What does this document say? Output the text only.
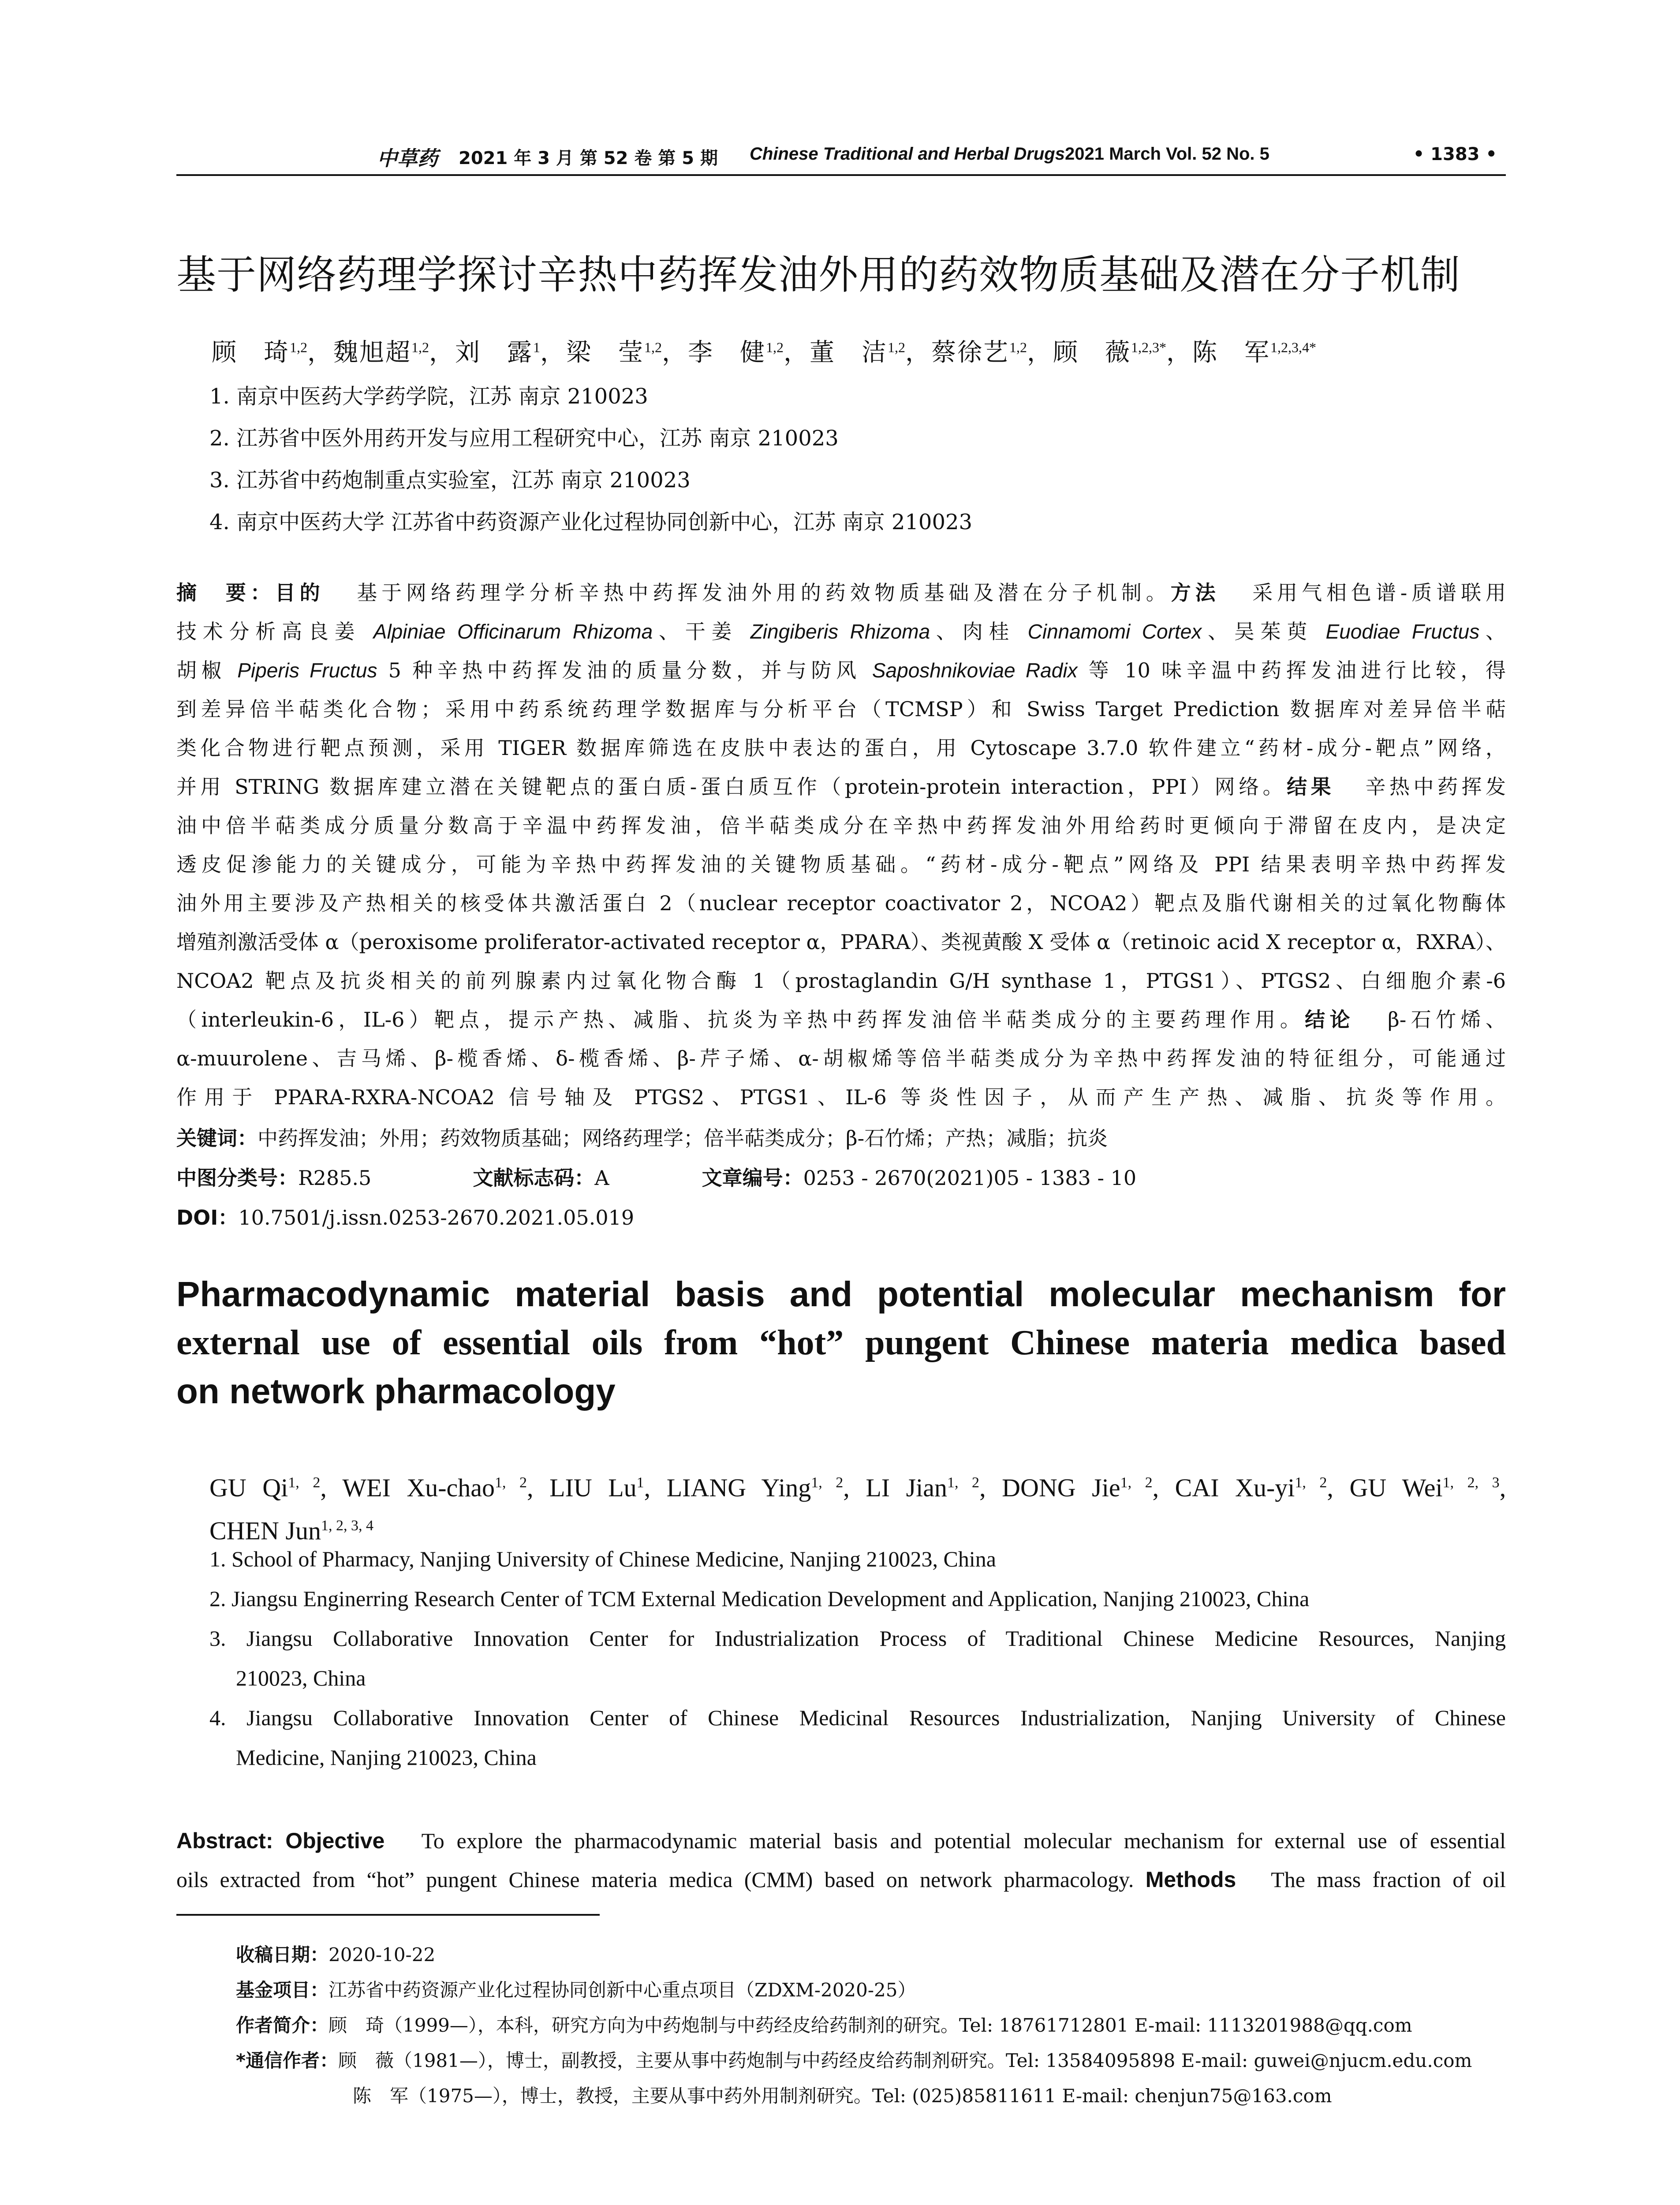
中草药 2021 年 3 月 第 52 卷 第 5 期 Chinese Traditional and Herbal Drugs2021 March Vol. 52 No. 5	• 1383 •
基于网络药理学探讨辛热中药挥发油外用的药效物质基础及潜在分子机制
顾　琦$^{1,2}$，魏旭超$^{1,2}$，刘　露$^1$，梁　莹$^{1,2}$，李　健$^{1,2}$，董　洁$^{1,2}$，蔡徐艺$^{1,2}$，顾　薇$^{1,2,3*}$，陈　军$^{1,2,3,4*}$
1. 南京中医药大学药学院，江苏 南京 210023
2. 江苏省中医外用药开发与应用工程研究中心，江苏 南京 210023
3. 江苏省中药炮制重点实验室，江苏 南京 210023
4. 南京中医药大学 江苏省中药资源产业化过程协同创新中心，江苏 南京 210023
摘　要：目的 基于网络药理学分析辛热中药挥发油外用的药效物质基础及潜在分子机制。方法 采用气相色谱-质谱联用
技术分析高良姜 Alpiniae Officinarum Rhizoma、干姜 Zingiberis Rhizoma、肉桂 Cinnamomi Cortex、吴茱萸 Euodiae Fructus、
胡椒 Piperis Fructus 5 种辛热中药挥发油的质量分数，并与防风 Saposhnikoviae Radix 等 10 味辛温中药挥发油进行比较，得
到差异倍半萜类化合物；采用中药系统药理学数据库与分析平台（TCMSP）和 Swiss Target Prediction 数据库对差异倍半萜
类化合物进行靶点预测，采用 TIGER 数据库筛选在皮肤中表达的蛋白，用 Cytoscape 3.7.0 软件建立“药材-成分-靶点”网络，
并用 STRING 数据库建立潜在关键靶点的蛋白质-蛋白质互作（protein-protein interaction，PPI）网络。结果 辛热中药挥发
油中倍半萜类成分质量分数高于辛温中药挥发油，倍半萜类成分在辛热中药挥发油外用给药时更倾向于滞留在皮内，是决定
透皮促渗能力的关键成分，可能为辛热中药挥发油的关键物质基础。“药材-成分-靶点”网络及 PPI 结果表明辛热中药挥发
油外用主要涉及产热相关的核受体共激活蛋白 2（nuclear receptor coactivator 2，NCOA2）靶点及脂代谢相关的过氧化物酶体
增殖剂激活受体 α（peroxisome proliferator-activated receptor α，PPARA）、类视黄酸 X 受体 α（retinoic acid X receptor α，RXRA）、
NCOA2 靶点及抗炎相关的前列腺素内过氧化物合酶 1（prostaglandin G/H synthase 1，PTGS1）、PTGS2、白细胞介素-6
（interleukin-6，IL-6）靶点，提示产热、减脂、抗炎为辛热中药挥发油倍半萜类成分的主要药理作用。结论 β-石竹烯、
α-muurolene、吉马烯、β-榄香烯、δ-榄香烯、β-芹子烯、α-胡椒烯等倍半萜类成分为辛热中药挥发油的特征组分，可能通过
作用于 PPARA-RXRA-NCOA2 信号轴及 PTGS2、PTGS1、IL-6 等炎性因子，从而产生产热、减脂、抗炎等作用。
关键词：中药挥发油；外用；药效物质基础；网络药理学；倍半萜类成分；β-石竹烯；产热；减脂；抗炎
中图分类号：R285.5	文献标志码：A	文章编号：0253 - 2670(2021)05 - 1383 - 10
DOI：10.7501/j.issn.0253-2670.2021.05.019
Pharmacodynamic material basis and potential molecular mechanism for
external use of essential oils from “hot” pungent Chinese materia medica based
on network pharmacology
GU Qi$^{1, 2}$, WEI Xu-chao$^{1, 2}$, LIU Lu$^1$, LIANG Ying$^{1, 2}$, LI Jian$^{1, 2}$, DONG Jie$^{1, 2}$, CAI Xu-yi$^{1, 2}$, GU Wei$^{1, 2, 3}$,
CHEN Jun$^{1, 2, 3, 4}$
1. School of Pharmacy, Nanjing University of Chinese Medicine, Nanjing 210023, China
2. Jiangsu Enginerring Research Center of TCM External Medication Development and Application, Nanjing 210023, China
3. Jiangsu Collaborative Innovation Center for Industrialization Process of Traditional Chinese Medicine Resources, Nanjing
210023, China
4. Jiangsu Collaborative Innovation Center of Chinese Medicinal Resources Industrialization, Nanjing University of Chinese
Medicine, Nanjing 210023, China
Abstract: Objective To explore the pharmacodynamic material basis and potential molecular mechanism for external use of essential
oils extracted from “hot” pungent Chinese materia medica (CMM) based on network pharmacology. Methods The mass fraction of oil
收稿日期：2020-10-22
基金项目：江苏省中药资源产业化过程协同创新中心重点项目（ZDXM-2020-25）
作者简介：顾　琦（1999—），本科，研究方向为中药炮制与中药经皮给药制剂的研究。Tel: 18761712801 E-mail: 1113201988@qq.com
*通信作者：顾　薇（1981—），博士，副教授，主要从事中药炮制与中药经皮给药制剂研究。Tel: 13584095898 E-mail: guwei@njucm.edu.com
陈　军（1975—），博士，教授，主要从事中药外用制剂研究。Tel: (025)85811611 E-mail: chenjun75@163.com
